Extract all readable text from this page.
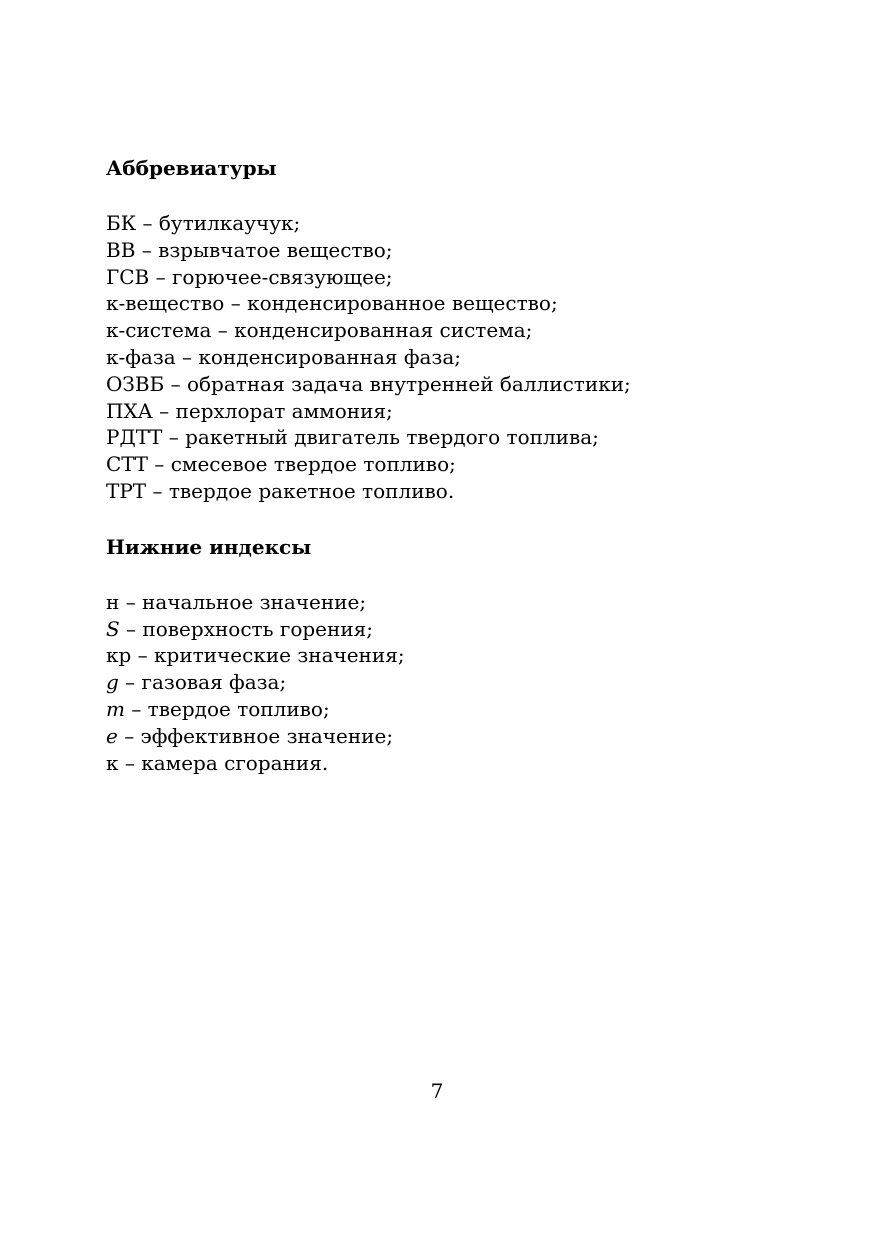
Аббревиатуры
БК – бутилкаучук;
ВВ – взрывчатое вещество;
ГСВ – горючее-связующее;
к-вещество – конденсированное вещество;
к-система – конденсированная система;
к-фаза – конденсированная фаза;
ОЗВБ – обратная задача внутренней баллистики;
ПХА – перхлорат аммония;
РДТТ – ракетный двигатель твердого топлива;
СТТ – смесевое твердое топливо;
ТРТ – твердое ракетное топливо.
Нижние индексы
н – начальное значение;
S – поверхность горения;
кр – критические значения;
g – газовая фаза;
m – твердое топливо;
e – эффективное значение;
к – камера сгорания.
7
